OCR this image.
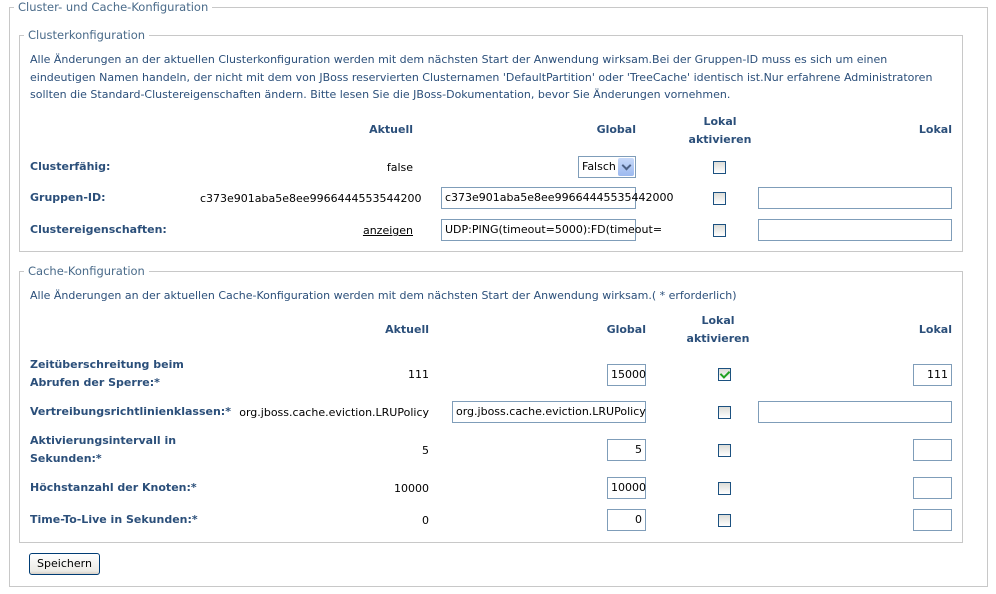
Cluster- und Cache-Konfiguration
Clusterkonfiguration
Alle Änderungen an der aktuellen Clusterkonfiguration werden mit dem nächsten Start der Anwendung wirksam.Bei der Gruppen-ID muss es sich um einen
eindeutigen Namen handeln, der nicht mit dem von JBoss reservierten Clusternamen 'DefaultPartition' oder 'TreeCache' identisch ist.Nur erfahrene Administratoren
sollten die Standard-Clustereigenschaften ändern. Bitte lesen Sie die JBoss-Dokumentation, bevor Sie Änderungen vornehmen.
Aktuell	Global
Lokal
aktivieren
Lokal
Clusterfähig:	false	Falsch
Gruppen-ID:	c373e901aba5e8ee9966444553544200	c373e901aba5e8ee99664445535442000
Clustereigenschaften:	anzeigen	UDP:PING(timeout=5000):FD(timeout=
Cache-Konfiguration
Alle Änderungen an der aktuellen Cache-Konfiguration werden mit dem nächsten Start der Anwendung wirksam.( * erforderlich)
Aktuell	Global
Lokal
aktivieren
Lokal
Zeitüberschreitung beim
Abrufen der Sperre:*
111	15000	111
Vertreibungsrichtlinienklassen:* org.jboss.cache.eviction.LRUPolicy	org.jboss.cache.eviction.LRUPolicy
Aktivierungsintervall in
Sekunden:*
5	5
Höchstanzahl der Knoten:*	10000	10000
Time-To-Live in Sekunden:*	0	0
Speichern
